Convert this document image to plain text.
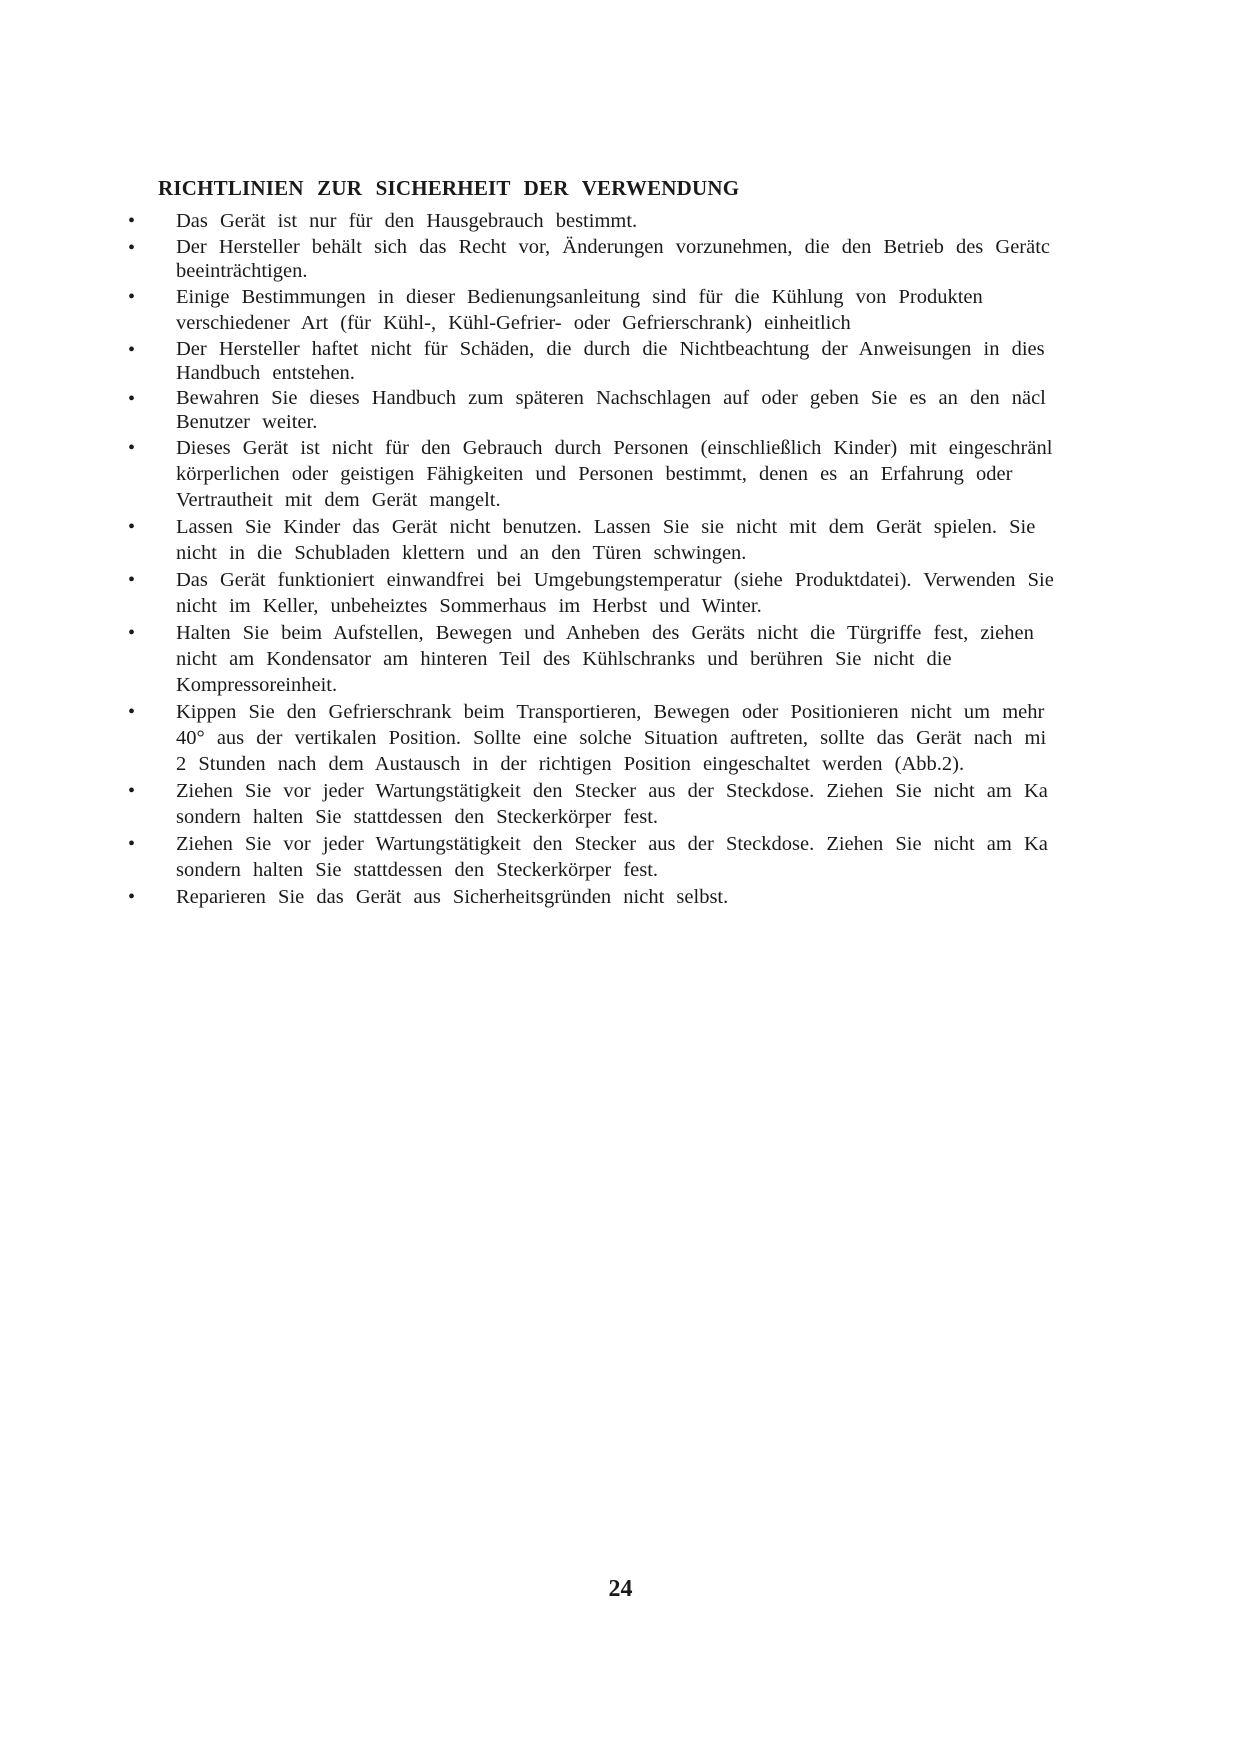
RICHTLINIEN ZUR SICHERHEIT DER VERWENDUNG
• Das Gerät ist nur für den Hausgebrauch bestimmt.
• Der Hersteller behält sich das Recht vor, Änderungen vorzunehmen, die den Betrieb des Gerätc
beeinträchtigen.
• Einige Bestimmungen in dieser Bedienungsanleitung sind für die Kühlung von Produkten
verschiedener Art (für Kühl-, Kühl-Gefrier- oder Gefrierschrank) einheitlich
• Der Hersteller haftet nicht für Schäden, die durch die Nichtbeachtung der Anweisungen in dies
Handbuch entstehen.
• Bewahren Sie dieses Handbuch zum späteren Nachschlagen auf oder geben Sie es an den näcl
Benutzer weiter.
• Dieses Gerät ist nicht für den Gebrauch durch Personen (einschließlich Kinder) mit eingeschränl
körperlichen oder geistigen Fähigkeiten und Personen bestimmt, denen es an Erfahrung oder
Vertrautheit mit dem Gerät mangelt.
• Lassen Sie Kinder das Gerät nicht benutzen. Lassen Sie sie nicht mit dem Gerät spielen. Sie
nicht in die Schubladen klettern und an den Türen schwingen.
• Das Gerät funktioniert einwandfrei bei Umgebungstemperatur (siehe Produktdatei). Verwenden Sie
nicht im Keller, unbeheiztes Sommerhaus im Herbst und Winter.
• Halten Sie beim Aufstellen, Bewegen und Anheben des Geräts nicht die Türgriffe fest, ziehen
nicht am Kondensator am hinteren Teil des Kühlschranks und berühren Sie nicht die
Kompressoreinheit.
• Kippen Sie den Gefrierschrank beim Transportieren, Bewegen oder Positionieren nicht um mehr
40° aus der vertikalen Position. Sollte eine solche Situation auftreten, sollte das Gerät nach mi
2 Stunden nach dem Austausch in der richtigen Position eingeschaltet werden (Abb.2).
• Ziehen Sie vor jeder Wartungstätigkeit den Stecker aus der Steckdose. Ziehen Sie nicht am Ka
sondern halten Sie stattdessen den Steckerkörper fest.
• Ziehen Sie vor jeder Wartungstätigkeit den Stecker aus der Steckdose. Ziehen Sie nicht am Ka
sondern halten Sie stattdessen den Steckerkörper fest.
• Reparieren Sie das Gerät aus Sicherheitsgründen nicht selbst.
24
